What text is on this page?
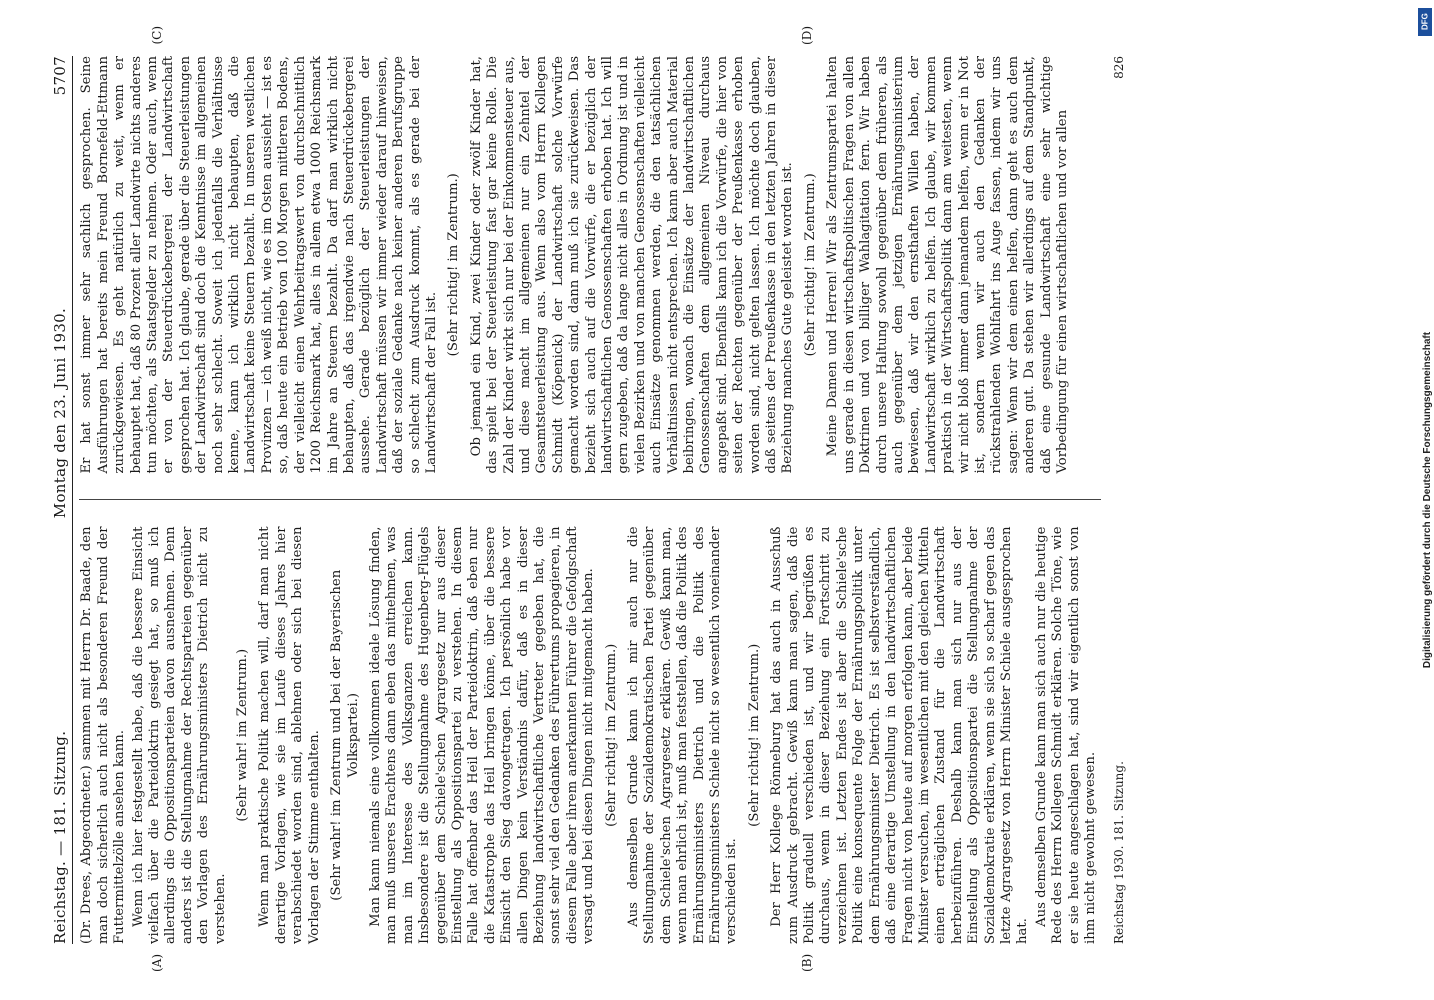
Reichstag. — 181. Sitzung.
Montag den 23. Juni 1930.
5707
(A)	(B)

(Dr. Drees, Abgeordneter.) sammen mit Herrn Dr. Baade, den man doch sicherlich auch nicht als besonderen Freund der Futtermittelzölle ansehen kann. Wenn ich hier festgestellt habe, daß die bessere Einsicht vielfach über die Parteidoktrin gesiegt hat, so muß ich allerdings die Oppositionsparteien davon ausnehmen. Denn anders ist die Stellungnahme der Rechtsparteien gegenüber den Vorlagen des Ernährungsministers Dietrich nicht zu verstehen.

(Sehr wahr! im Zentrum.) Wenn man praktische Politik machen will, darf man nicht derartige Vorlagen, wie sie im Laufe dieses Jahres hier verabschiedet worden sind, ablehnen oder sich bei diesen Vorlagen der Stimme enthalten. (Sehr wahr! im Zentrum und bei der Bayerischen Volkspartei.) Man kann niemals eine vollkommen ideale Lösung finden, man muß unseres Erachtens dann eben das mitnehmen, was man im Interesse des Volksganzen erreichen kann. Insbesondere ist die Stellungnahme des Hugenberg-Flügels gegenüber dem Schiele'schen Agrargesetz nur aus dieser Einstellung als Oppositionspartei zu verstehen. In diesem Falle hat offenbar das Heil der Parteidoktrin, daß eben nur die Katastrophe das Heil bringen könne, über die bessere Einsicht den Sieg davongetragen. Ich persönlich habe vor allen Dingen kein Verständnis dafür, daß es in dieser Beziehung landwirtschaftliche Vertreter gegeben hat, die sonst sehr viel den Gedanken des Führertums propagieren, in diesem Falle aber ihrem anerkannten Führer die Gefolgschaft versagt und bei diesen Dingen nicht mitgemacht haben. (Sehr richtig! im Zentrum.) Aus demselben Grunde kann ich mir auch nur die Stellungnahme der Sozialdemokratischen Partei gegenüber dem Schiele'schen Agrargesetz erklären. Gewiß kann man, wenn man ehrlich ist, muß man feststellen, daß die Politik des Ernährungsministers Dietrich und die Politik des Ernährungsministers Schiele nicht so wesentlich voneinander verschieden ist.

(Sehr richtig! im Zentrum.) Der Herr Kollege Rönneburg hat das auch in Ausschuß zum Ausdruck gebracht. Gewiß kann man sagen, daß die Politik graduell verschieden ist, und wir begrüßen es durchaus, wenn in dieser Beziehung ein Fortschritt zu verzeichnen ist. Letzten Endes ist aber die Schiele'sche Politik eine konsequente Folge der Ernährungspolitik unter dem Ernährungsminister Dietrich. Es ist selbstverständlich, daß eine derartige Umstellung in den landwirtschaftlichen Fragen nicht von heute auf morgen erfolgen kann, aber beide Minister versuchen, im wesentlichen mit den gleichen Mitteln einen erträglichen Zustand für die Landwirtschaft herbeizuführen. Deshalb kann man sich nur aus der Einstellung als Oppositionspartei die Stellungnahme der Sozialdemokratie erklären, wenn sie sich so scharf gegen das letzte Agrargesetz von Herrn Minister Schiele ausgesprochen hat.

Aus demselben Grunde kann man sich auch nur die heutige Rede des Herrn Kollegen Schmidt erklären. Solche Töne, wie er sie heute angeschlagen hat, sind wir eigentlich sonst von ihm nicht gewohnt gewesen.

(C)	(D)

Er hat sonst immer sehr sachlich gesprochen. Seine Ausführungen hat bereits mein Freund Bornefeld-Ettmann zurückgewiesen. Es geht natürlich zu weit, wenn er behauptet hat, daß 80 Prozent aller Landwirte nichts anderes tun möchten, als Staatsgelder zu nehmen. Oder auch, wenn er von der Steuerdrückebergerei der Landwirtschaft gesprochen hat. Ich glaube, gerade über die Steuerleistungen der Landwirtschaft sind doch die Kenntnisse im allgemeinen noch sehr schlecht. Soweit ich jedenfalls die Verhältnisse kenne, kann ich wirklich nicht behaupten, daß die Landwirtschaft keine Steuern bezahlt. In unseren westlichen Provinzen — ich weiß nicht, wie es im Osten aussieht — ist es so, daß heute ein Betrieb von 100 Morgen mittleren Bodens, der vielleicht einen Wehrbeitragswert von durchschnittlich 1200 Reichsmark hat, alles in allem etwa 1000 Reichsmark im Jahre an Steuern bezahlt. Da darf man wirklich nicht behaupten, daß das irgendwie nach Steuerdrückebergerei aussehe. Gerade bezüglich der Steuerleistungen der Landwirtschaft müssen wir immer wieder darauf hinweisen, daß der soziale Gedanke nach keiner anderen Berufsgruppe so schlecht zum Ausdruck kommt, als es gerade bei der Landwirtschaft der Fall ist.

(Sehr richtig! im Zentrum.) Ob jemand ein Kind, zwei Kinder oder zwölf Kinder hat, das spielt bei der Steuerleistung fast gar keine Rolle. Die Zahl der Kinder wirkt sich nur bei der Einkommensteuer aus, und diese macht im allgemeinen nur ein Zehntel der Gesamtsteuerleistung aus. Wenn also vom Herrn Kollegen Schmidt (Köpenick) der Landwirtschaft solche Vorwürfe gemacht worden sind, dann muß ich sie zurückweisen. Das bezieht sich auch auf die Vorwürfe, die er bezüglich der landwirtschaftlichen Genossenschaften erhoben hat. Ich will gern zugeben, daß da lange nicht alles in Ordnung ist und in vielen Bezirken und von manchen Genossenschaften vielleicht auch Einsätze genommen werden, die den tatsächlichen Verhältnissen nicht entsprechen. Ich kann aber auch Material beibringen, wonach die Einsätze der landwirtschaftlichen Genossenschaften dem allgemeinen Niveau durchaus angepaßt sind. Ebenfalls kann ich die Vorwürfe, die hier von seiten der Rechten gegenüber der Preußenkasse erhoben worden sind, nicht gelten lassen. Ich möchte doch glauben, daß seitens der Preußenkasse in den letzten Jahren in dieser Beziehung manches Gute geleistet worden ist. (Sehr richtig! im Zentrum.) Meine Damen und Herren! Wir als Zentrumspartei halten uns gerade in diesen wirtschaftspolitischen Fragen von allen Doktrinen und von billiger Wahlagitation fern. Wir haben durch unsere Haltung sowohl gegenüber dem früheren, als auch gegenüber dem jetzigen Ernährungsministerium bewiesen, daß wir den ernsthaften Willen haben, der Landwirtschaft wirklich zu helfen. Ich glaube, wir kommen praktisch in der Wirtschaftspolitik dann am weitesten, wenn wir nicht bloß immer dann jemandem helfen, wenn er in Not ist, sondern wenn wir auch den Gedanken der rückstrahlenden Wohlfahrt ins Auge fassen, indem wir uns sagen: Wenn wir dem einen helfen, dann geht es auch dem anderen gut. Da stehen wir allerdings auf dem Standpunkt, daß eine gesunde Landwirtschaft eine sehr wichtige Vorbedingung für einen wirtschaftlichen und vor allen

Reichstag 1930. 181. Sitzung.
826
DFG
Digitalisierung gefördert durch die Deutsche Forschungsgemeinschaft
